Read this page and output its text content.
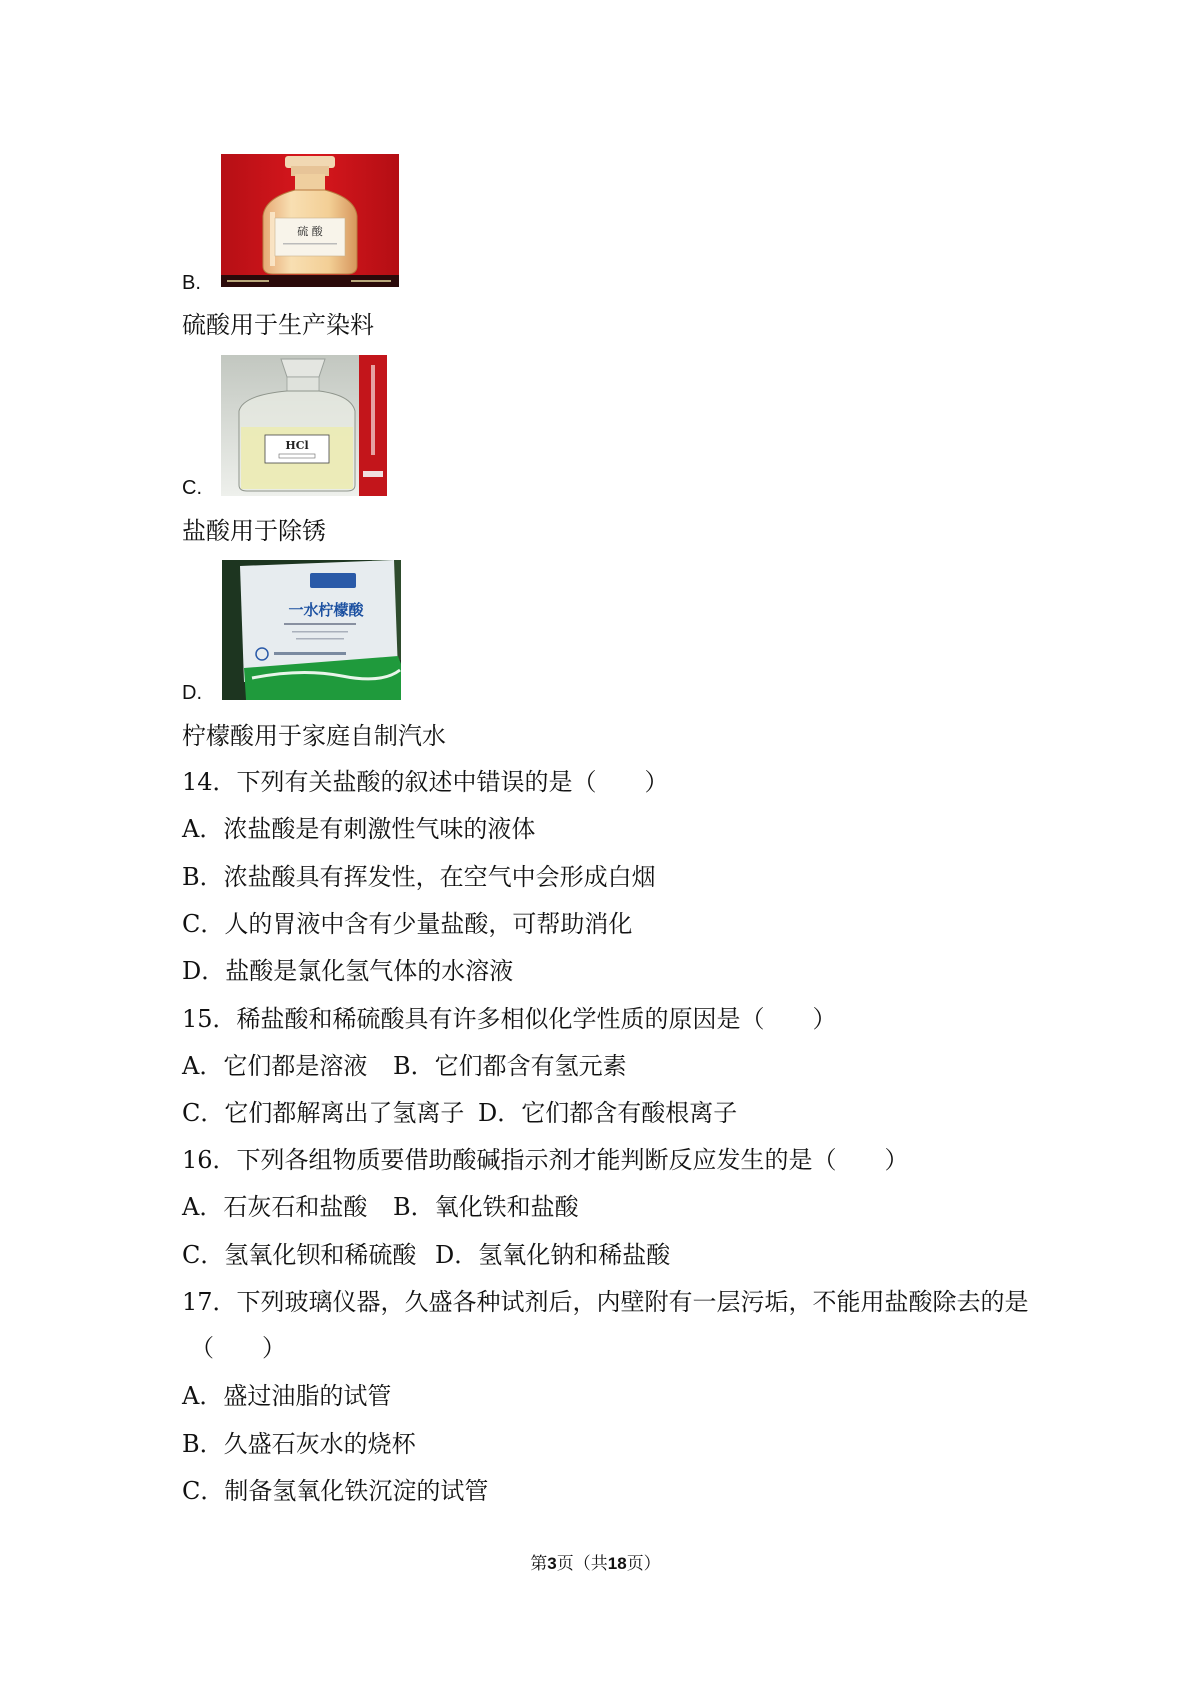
硫 酸
B.
硫酸用于生产染料
HCl
C.
盐酸用于除锈
一水柠檬酸
D.
柠檬酸用于家庭自制汽水
14．下列有关盐酸的叙述中错误的是（　　）
A．浓盐酸是有刺激性气味的液体
B．浓盐酸具有挥发性，在空气中会形成白烟
C．人的胃液中含有少量盐酸，可帮助消化
D．盐酸是氯化氢气体的水溶液
15．稀盐酸和稀硫酸具有许多相似化学性质的原因是（　　）
A．它们都是溶液 B．它们都含有氢元素
C．它们都解离出了氢离子 D．它们都含有酸根离子
16．下列各组物质要借助酸碱指示剂才能判断反应发生的是（　　）
A．石灰石和盐酸 B．氧化铁和盐酸
C．氢氧化钡和稀硫酸 D．氢氧化钠和稀盐酸
17．下列玻璃仪器，久盛各种试剂后，内壁附有一层污垢，不能用盐酸除去的是
（　　）
A．盛过油脂的试管
B．久盛石灰水的烧杯
C．制备氢氧化铁沉淀的试管
第3页（共18页）
